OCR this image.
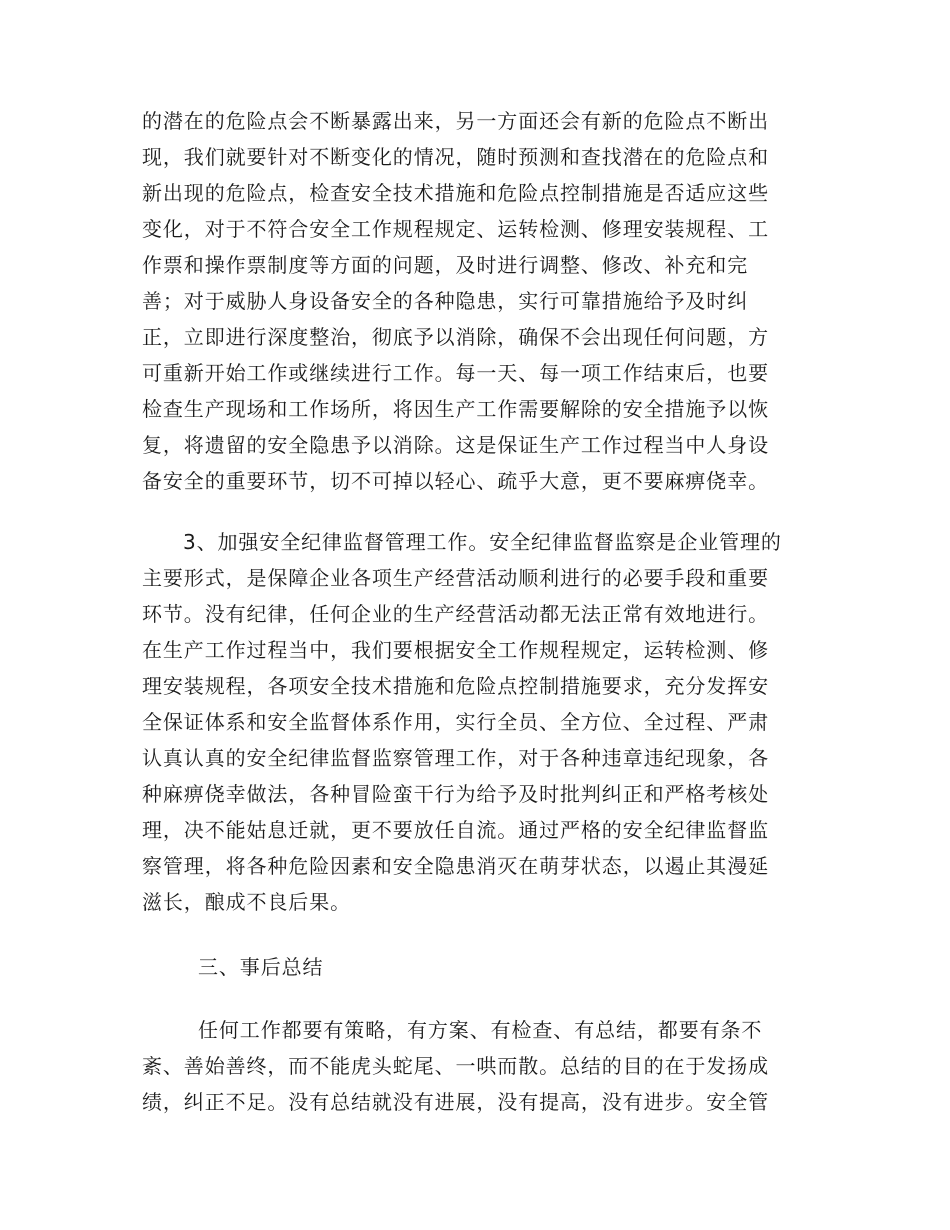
的潜在的危险点会不断暴露出来，另一方面还会有新的危险点不断出
现，我们就要针对不断变化的情况，随时预测和查找潜在的危险点和
新出现的危险点，检查安全技术措施和危险点控制措施是否适应这些
变化，对于不符合安全工作规程规定、运转检测、修理安装规程、工
作票和操作票制度等方面的问题，及时进行调整、修改、补充和完
善；对于威胁人身设备安全的各种隐患，实行可靠措施给予及时纠
正，立即进行深度整治，彻底予以消除，确保不会出现任何问题，方
可重新开始工作或继续进行工作。每一天、每一项工作结束后，也要
检查生产现场和工作场所，将因生产工作需要解除的安全措施予以恢
复，将遗留的安全隐患予以消除。这是保证生产工作过程当中人身设
备安全的重要环节，切不可掉以轻心、疏乎大意，更不要麻痹侥幸。
3、加强安全纪律监督管理工作。安全纪律监督监察是企业管理的
主要形式，是保障企业各项生产经营活动顺利进行的必要手段和重要
环节。没有纪律，任何企业的生产经营活动都无法正常有效地进行。
在生产工作过程当中，我们要根据安全工作规程规定，运转检测、修
理安装规程，各项安全技术措施和危险点控制措施要求，充分发挥安
全保证体系和安全监督体系作用，实行全员、全方位、全过程、严肃
认真认真的安全纪律监督监察管理工作，对于各种违章违纪现象，各
种麻痹侥幸做法，各种冒险蛮干行为给予及时批判纠正和严格考核处
理，决不能姑息迁就，更不要放任自流。通过严格的安全纪律监督监
察管理，将各种危险因素和安全隐患消灭在萌芽状态，以遏止其漫延
滋长，酿成不良后果。
三、事后总结
任何工作都要有策略，有方案、有检查、有总结，都要有条不
紊、善始善终，而不能虎头蛇尾、一哄而散。总结的目的在于发扬成
绩，纠正不足。没有总结就没有进展，没有提高，没有进步。安全管
